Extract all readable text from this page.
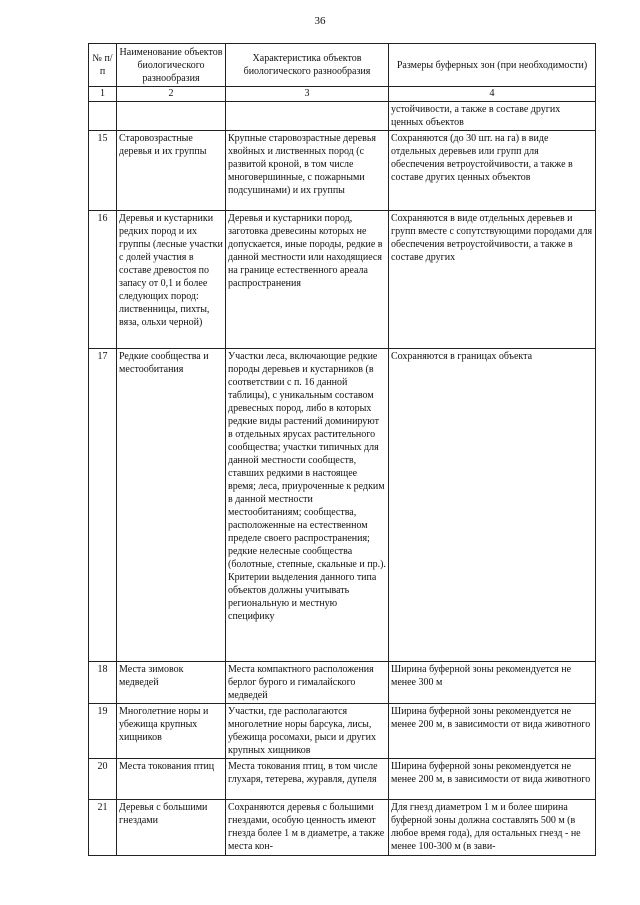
36
№ п/п	Наименование объектов биологического разнообразия	Характеристика объектов биологического разнообразия	Размеры буферных зон (при необходимости)
1	2	3	4
			устойчивости, а также в составе других ценных объектов
15	Старовозрастные деревья и их группы	Крупные старовозрастные деревья хвойных и лиственных пород (с развитой кроной, в том числе многовершинные, с пожарными подсушинами) и их группы	Сохраняются (до 30 шт. на га) в виде отдельных деревьев или групп для обеспечения ветроустойчивости, а также в составе других ценных объектов
16	Деревья и кустарники редких пород и их группы (лесные участки с долей участия в составе древостоя по запасу от 0,1 и более следующих пород: лиственницы, пихты, вяза, ольхи черной)	Деревья и кустарники пород, заготовка древесины которых не допускается, иные породы, редкие в данной местности или находящиеся на границе естественного ареала распространения	Сохраняются в виде отдельных деревьев и групп вместе с сопутствующими породами для обеспечения ветроустойчивости, а также в составе других
17	Редкие сообщества и местообитания	Участки леса, включающие редкие породы деревьев и кустарников (в соответствии с п. 16 данной таблицы), с уникальным составом древесных пород, либо в которых редкие виды растений доминируют в отдельных ярусах растительного сообщества; участки типичных для данной местности сообществ, ставших редкими в настоящее время; леса, приуроченные к редким в данной местности местообитаниям; сообщества, расположенные на естественном пределе своего распространения; редкие нелесные сообщества (болотные, степные, скальные и пр.). Критерии выделения данного типа объектов должны учитывать региональную и местную специфику	Сохраняются в границах объекта
18	Места зимовок медведей	Места компактного расположения берлог бурого и гималайского медведей	Ширина буферной зоны рекомендуется не менее 300 м
19	Многолетние норы и убежища крупных хищников	Участки, где располагаются многолетние норы барсука, лисы, убежища росомахи, рыси и других крупных хищников	Ширина буферной зоны рекомендуется не менее 200 м, в зависимости от вида животного
20	Места токования птиц	Места токования птиц, в том числе глухаря, тетерева, журавля, дупеля	Ширина буферной зоны рекомендуется не менее 200 м, в зависимости от вида животного
21	Деревья с большими гнездами	Сохраняются деревья с большими гнездами, особую ценность имеют гнезда более 1 м в диаметре, а также места кон-	Для гнезд диаметром 1 м и более ширина буферной зоны должна составлять 500 м (в любое время года), для остальных гнезд - не менее 100-300 м (в зави-
